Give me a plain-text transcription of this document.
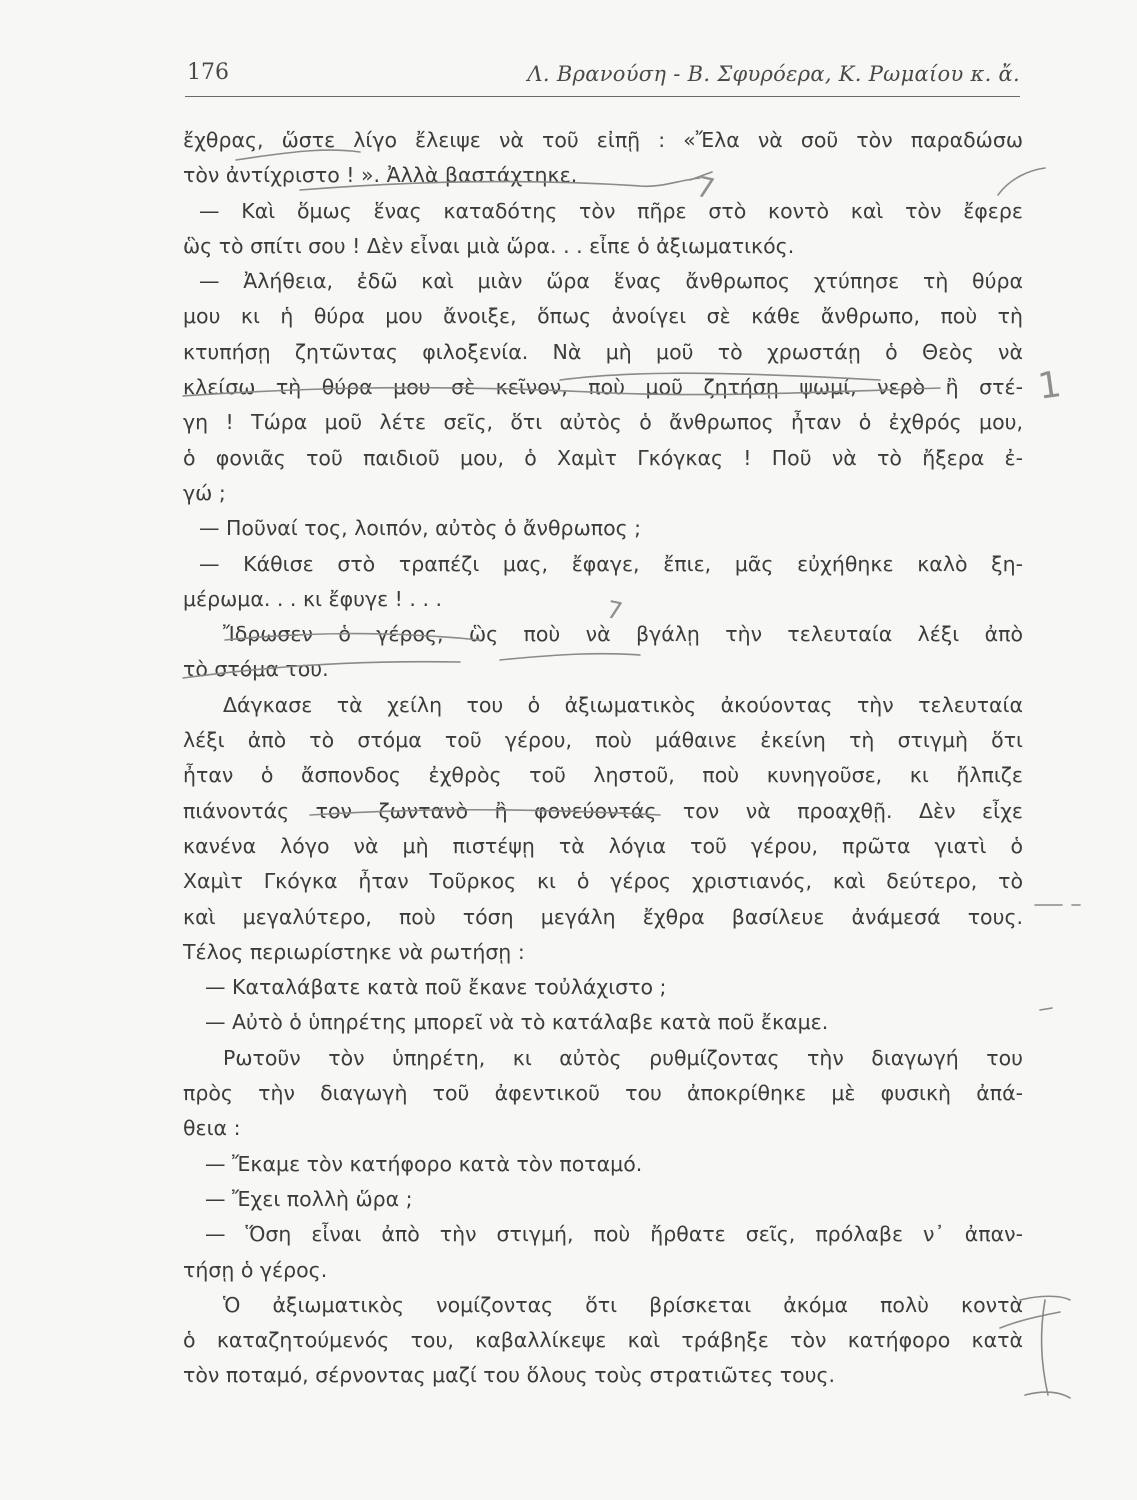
176	Λ. Βρανούση - Β. Σφυρόερα, Κ. Ρωμαίου κ. ἄ.
ἔχθρας, ὥστε λίγο ἔλειψε νὰ τοῦ εἰπῇ : «Ἔλα νὰ σοῦ τὸν παραδώσω
τὸν ἀντίχριστο ! ». Ἀλλὰ βαστάχτηκε.
— Καὶ ὅμως ἕνας καταδότης τὸν πῆρε στὸ κοντὸ καὶ τὸν ἔφερε
ὣς τὸ σπίτι σου ! Δὲν εἶναι μιὰ ὥρα. . . εἶπε ὁ ἀξιωματικός.
— Ἀλήθεια, ἐδῶ καὶ μιὰν ὥρα ἕνας ἄνθρωπος χτύπησε τὴ θύρα
μου κι ἡ θύρα μου ἄνοιξε, ὅπως ἀνοίγει σὲ κάθε ἄνθρωπο, ποὺ τὴ
κτυπήσῃ ζητῶντας φιλοξενία. Νὰ μὴ μοῦ τὸ χρωστάῃ ὁ Θεὸς νὰ
κλείσω τὴ θύρα μου σὲ κεῖνον, ποὺ μοῦ ζητήσῃ ψωμί, νερὸ ἢ στέ-
γη ! Τώρα μοῦ λέτε σεῖς, ὅτι αὐτὸς ὁ ἄνθρωπος ἦταν ὁ ἐχθρός μου,
ὁ φονιᾶς τοῦ παιδιοῦ μου, ὁ Χαμὶτ Γκόγκας ! Ποῦ νὰ τὸ ἤξερα ἐ-
γώ ;
— Ποῦναί τος, λοιπόν, αὐτὸς ὁ ἄνθρωπος ;
— Κάθισε στὸ τραπέζι μας, ἔφαγε, ἔπιε, μᾶς εὐχήθηκε καλὸ ξη-
μέρωμα. . . κι ἔφυγε ! . . .
Ἴδρωσεν ὁ γέρος, ὣς ποὺ νὰ βγάλῃ τὴν τελευταία λέξι ἀπὸ
τὸ στόμα του.
Δάγκασε τὰ χείλη του ὁ ἀξιωματικὸς ἀκούοντας τὴν τελευταία
λέξι ἀπὸ τὸ στόμα τοῦ γέρου, ποὺ μάθαινε ἐκείνη τὴ στιγμὴ ὅτι
ἦταν ὁ ἄσπονδος ἐχθρὸς τοῦ ληστοῦ, ποὺ κυνηγοῦσε, κι ἤλπιζε
πιάνοντάς τον ζωντανὸ ἢ φονεύοντάς τον νὰ προαχθῇ. Δὲν εἶχε
κανένα λόγο νὰ μὴ πιστέψῃ τὰ λόγια τοῦ γέρου, πρῶτα γιατὶ ὁ
Χαμὶτ Γκόγκα ἦταν Τοῦρκος κι ὁ γέρος χριστιανός, καὶ δεύτερο, τὸ
καὶ μεγαλύτερο, ποὺ τόση μεγάλη ἔχθρα βασίλευε ἀνάμεσά τους.
Τέλος περιωρίστηκε νὰ ρωτήσῃ :
— Καταλάβατε κατὰ ποῦ ἔκανε τοὐλάχιστο ;
— Αὐτὸ ὁ ὑπηρέτης μπορεῖ νὰ τὸ κατάλαβε κατὰ ποῦ ἔκαμε.
Ρωτοῦν τὸν ὑπηρέτη, κι αὐτὸς ρυθμίζοντας τὴν διαγωγή του
πρὸς τὴν διαγωγὴ τοῦ ἀφεντικοῦ του ἀποκρίθηκε μὲ φυσικὴ ἀπά-
θεια :
— Ἔκαμε τὸν κατήφορο κατὰ τὸν ποταμό.
— Ἔχει πολλὴ ὥρα ;
— Ὅση εἶναι ἀπὸ τὴν στιγμή, ποὺ ἤρθατε σεῖς, πρόλαβε ν᾽ ἀπαν-
τήσῃ ὁ γέρος.
Ὁ ἀξιωματικὸς νομίζοντας ὅτι βρίσκεται ἀκόμα πολὺ κοντὰ
ὁ καταζητούμενός του, καβαλλίκεψε καὶ τράβηξε τὸν κατήφορο κατὰ
τὸν ποταμό, σέρνοντας μαζί του ὅλους τοὺς στρατιῶτες τους.
1
7
7
